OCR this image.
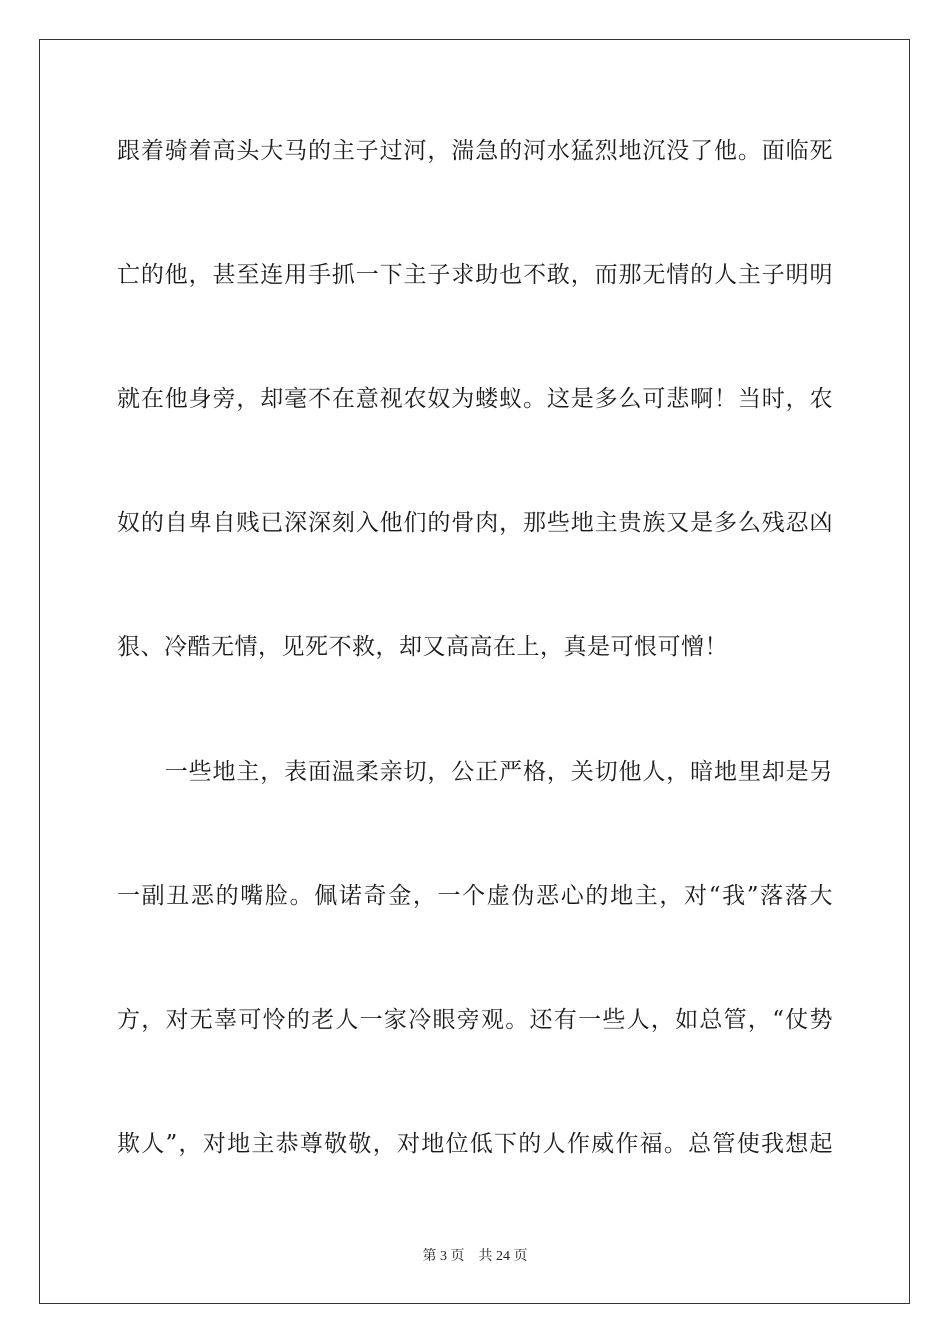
跟着骑着高头大马的主子过河，湍急的河水猛烈地沉没了他。面临死
亡的他，甚至连用手抓一下主子求助也不敢，而那无情的人主子明明
就在他身旁，却毫不在意视农奴为蝼蚁。这是多么可悲啊！当时，农
奴的自卑自贱已深深刻入他们的骨肉，那些地主贵族又是多么残忍凶
狠、冷酷无情，见死不救，却又高高在上，真是可恨可憎！
　　一些地主，表面温柔亲切，公正严格，关切他人，暗地里却是另
一副丑恶的嘴脸。佩诺奇金，一个虚伪恶心的地主，对“我”落落大
方，对无辜可怜的老人一家冷眼旁观。还有一些人，如总管，“仗势
欺人”，对地主恭尊敬敬，对地位低下的人作威作福。总管使我想起
第 3 页 共 24 页
